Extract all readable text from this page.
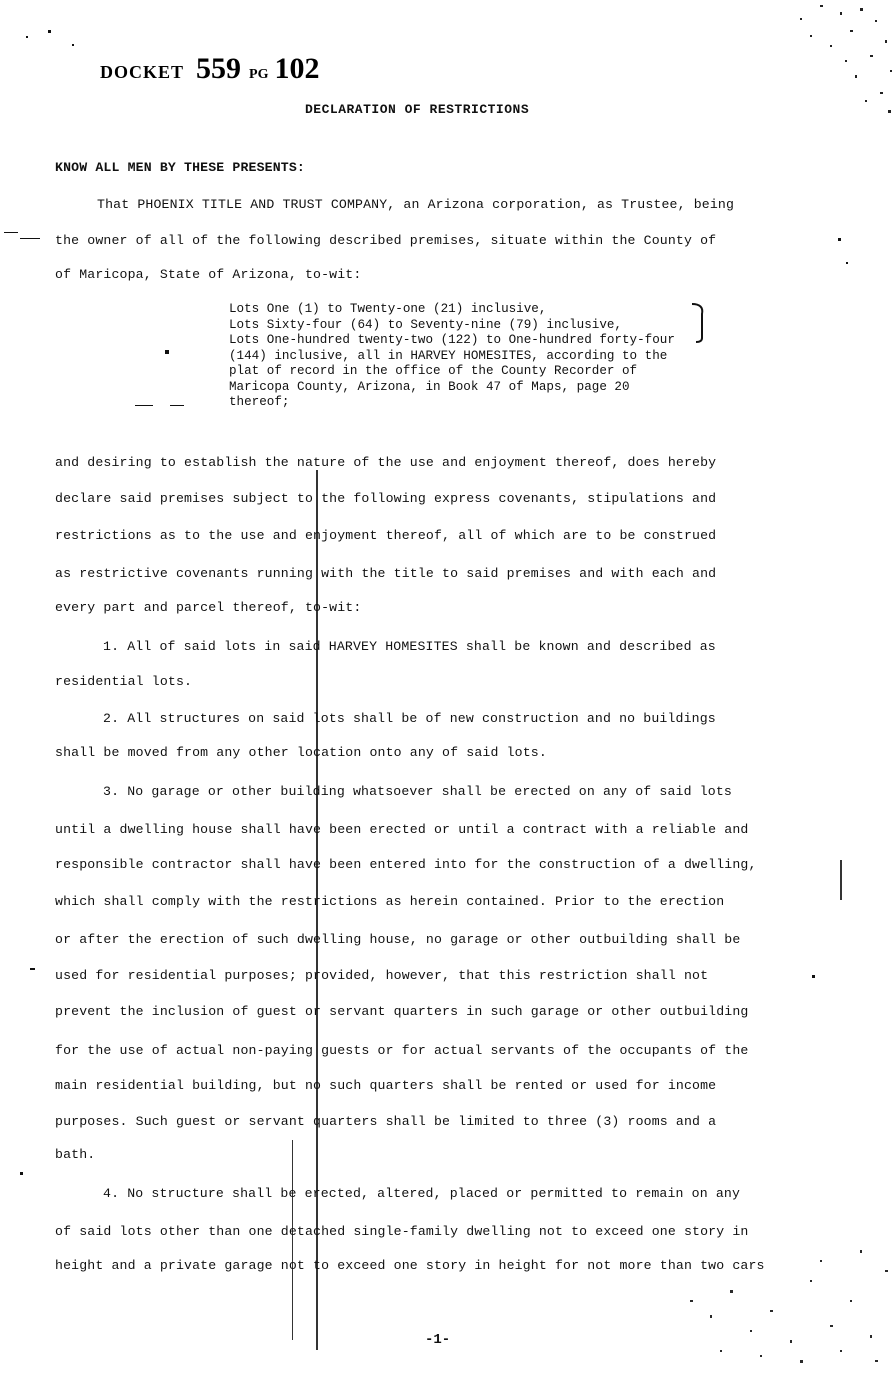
DOCKET 559 PG 102
DECLARATION OF RESTRICTIONS
KNOW ALL MEN BY THESE PRESENTS:
That PHOENIX TITLE AND TRUST COMPANY, an Arizona corporation, as Trustee, being
the owner of all of the following described premises, situate within the County of
of Maricopa, State of Arizona, to-wit:
Lots One (1) to Twenty-one (21) inclusive,
Lots Sixty-four (64) to Seventy-nine (79) inclusive,
Lots One-hundred twenty-two (122) to One-hundred forty-four
(144) inclusive, all in HARVEY HOMESITES, according to the
plat of record in the office of the County Recorder of
Maricopa County, Arizona, in Book 47 of Maps, page 20
thereof;
and desiring to establish the nature of the use and enjoyment thereof, does hereby
declare said premises subject to the following express covenants, stipulations and
restrictions as to the use and enjoyment thereof, all of which are to be construed
as restrictive covenants running with the title to said premises and with each and
every part and parcel thereof, to-wit:
1. All of said lots in said HARVEY HOMESITES shall be known and described as
residential lots.
2. All structures on said lots shall be of new construction and no buildings
shall be moved from any other location onto any of said lots.
3. No garage or other building whatsoever shall be erected on any of said lots
until a dwelling house shall have been erected or until a contract with a reliable and
responsible contractor shall have been entered into for the construction of a dwelling,
which shall comply with the restrictions as herein contained. Prior to the erection
or after the erection of such dwelling house, no garage or other outbuilding shall be
used for residential purposes; provided, however, that this restriction shall not
prevent the inclusion of guest or servant quarters in such garage or other outbuilding
for the use of actual non-paying guests or for actual servants of the occupants of the
main residential building, but no such quarters shall be rented or used for income
purposes. Such guest or servant quarters shall be limited to three (3) rooms and a
bath.
4. No structure shall be erected, altered, placed or permitted to remain on any
of said lots other than one detached single-family dwelling not to exceed one story in
height and a private garage not to exceed one story in height for not more than two cars
-1-
